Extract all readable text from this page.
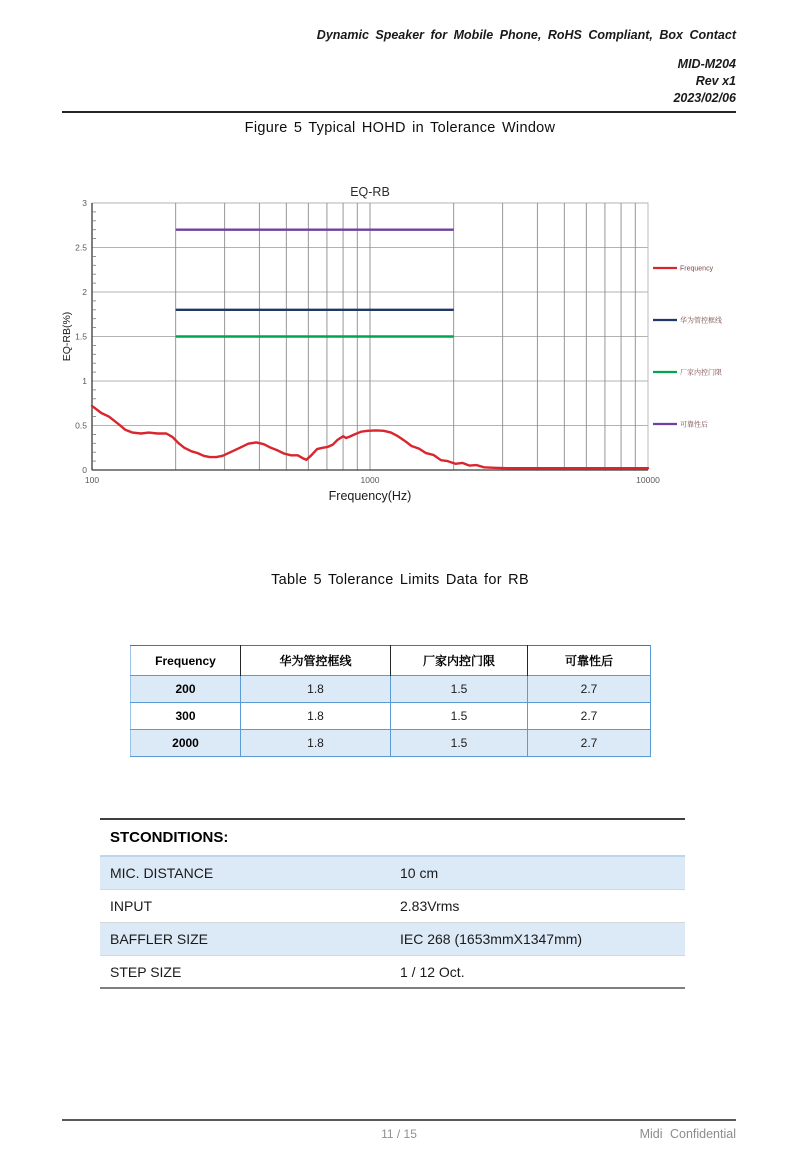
Dynamic Speaker for Mobile Phone, RoHS Compliant, Box Contact
MID-M204
Rev x1
2023/02/06
Figure 5 Typical HOHD in Tolerance Window
0
0.5
1
1.5
2
2.5
3
100	1000	10000
EQ-RB
Frequency(Hz)
EQ-RB(%)
Frequency
华为管控框线
厂家内控门限
可靠性后
Table 5 Tolerance Limits Data for RB
Frequency	华为管控框线	厂家内控门限	可靠性后
200	1.8	1.5	2.7
300	1.8	1.5	2.7
2000	1.8	1.5	2.7
STCONDITIONS:
MIC. DISTANCE	10 cm
INPUT	2.83Vrms
BAFFLER SIZE	IEC 268 (1653mmX1347mm)
STEP SIZE	1 / 12 Oct.
11 / 15	Midi Confidential
